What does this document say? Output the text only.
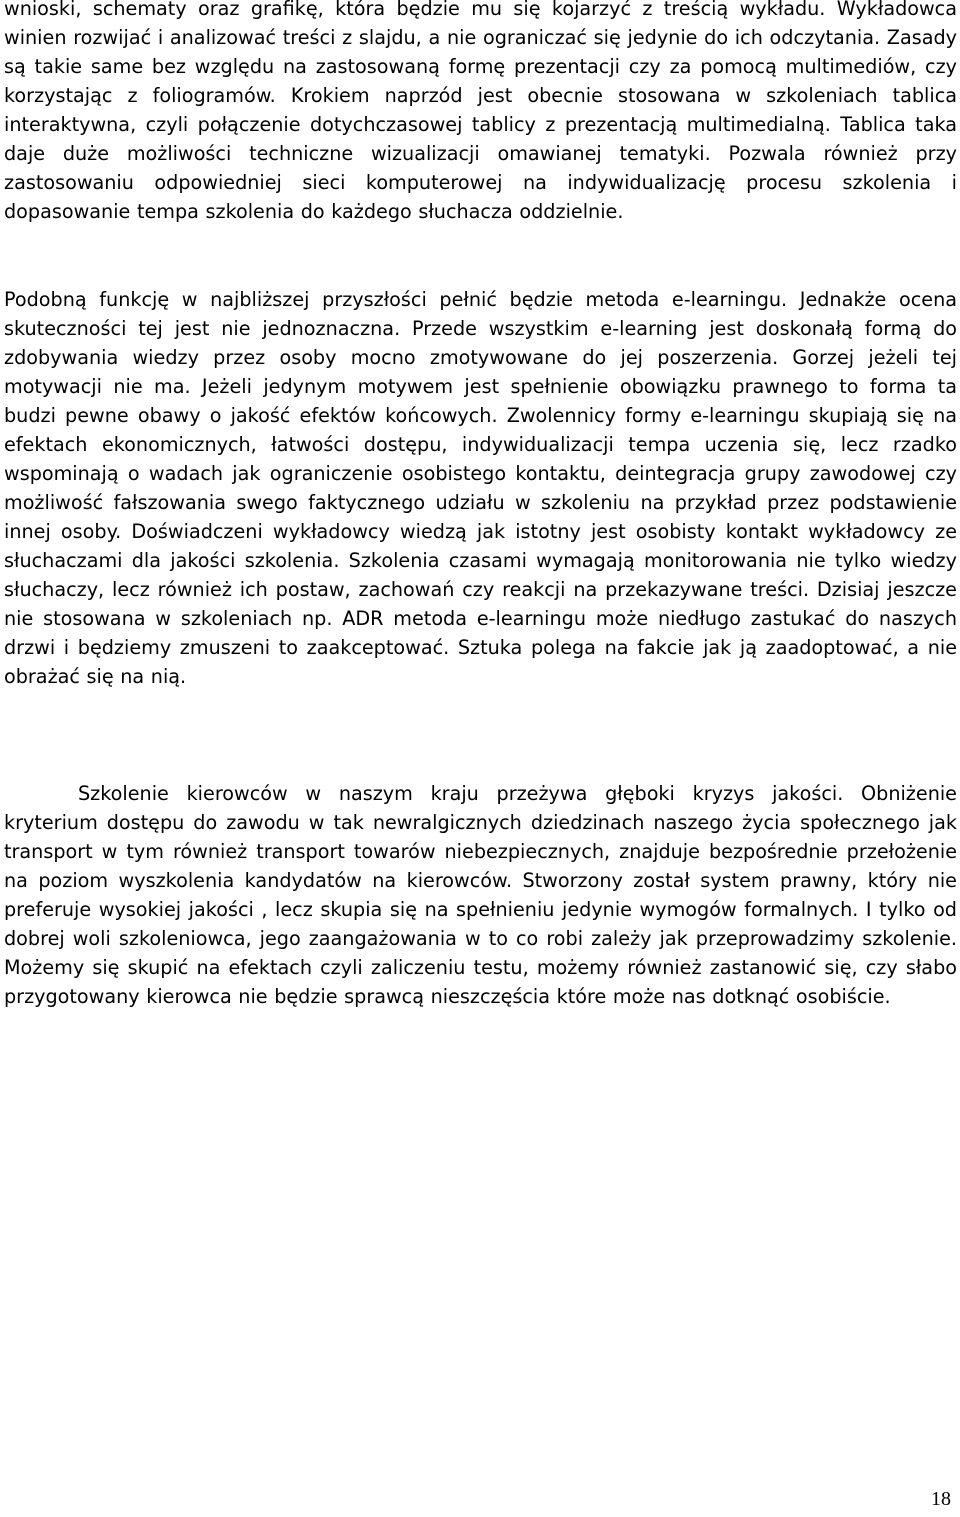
wnioski, schematy oraz grafikę, która będzie mu się kojarzyć z treścią wykładu. Wykładowca winien rozwijać i analizować treści z slajdu, a nie ograniczać się jedynie do ich odczytania. Zasady są takie same bez względu na zastosowaną formę prezentacji czy za pomocą multimediów, czy korzystając z foliogramów. Krokiem naprzód jest obecnie stosowana w szkoleniach tablica interaktywna, czyli połączenie dotychczasowej tablicy z prezentacją multimedialną. Tablica taka daje duże możliwości techniczne wizualizacji omawianej tematyki. Pozwala również przy zastosowaniu odpowiedniej sieci komputerowej na indywidualizację procesu szkolenia i dopasowanie tempa szkolenia do każdego słuchacza oddzielnie.

Podobną funkcję w najbliższej przyszłości pełnić będzie metoda e-learningu. Jednakże ocena skuteczności tej jest nie jednoznaczna. Przede wszystkim e-learning jest doskonałą formą do zdobywania wiedzy przez osoby mocno zmotywowane do jej poszerzenia. Gorzej jeżeli tej motywacji nie ma. Jeżeli jedynym motywem jest spełnienie obowiązku prawnego to forma ta budzi pewne obawy o jakość efektów końcowych. Zwolennicy formy e-learningu skupiają się na efektach ekonomicznych, łatwości dostępu, indywidualizacji tempa uczenia się, lecz rzadko wspominają o wadach jak ograniczenie osobistego kontaktu, deintegracja grupy zawodowej czy możliwość fałszowania swego faktycznego udziału w szkoleniu na przykład przez podstawienie innej osoby. Doświadczeni wykładowcy wiedzą jak istotny jest osobisty kontakt wykładowcy ze słuchaczami dla jakości szkolenia. Szkolenia czasami wymagają monitorowania nie tylko wiedzy słuchaczy, lecz również ich postaw, zachowań czy reakcji na przekazywane treści. Dzisiaj jeszcze nie stosowana w szkoleniach np. ADR metoda e-learningu może niedługo zastukać do naszych drzwi i będziemy zmuszeni to zaakceptować. Sztuka polega na fakcie jak ją zaadoptować, a nie obrażać się na nią.

Szkolenie kierowców w naszym kraju przeżywa głęboki kryzys jakości. Obniżenie kryterium dostępu do zawodu w tak newralgicznych dziedzinach naszego życia społecznego jak transport w tym również transport towarów niebezpiecznych, znajduje bezpośrednie przełożenie na poziom wyszkolenia kandydatów na kierowców. Stworzony został system prawny, który nie preferuje wysokiej jakości , lecz skupia się na spełnieniu jedynie wymogów formalnych. I tylko od dobrej woli szkoleniowca, jego zaangażowania w to co robi zależy jak przeprowadzimy szkolenie. Możemy się skupić na efektach czyli zaliczeniu testu, możemy również zastanowić się, czy słabo przygotowany kierowca nie będzie sprawcą nieszczęścia które może nas dotknąć osobiście.

18
